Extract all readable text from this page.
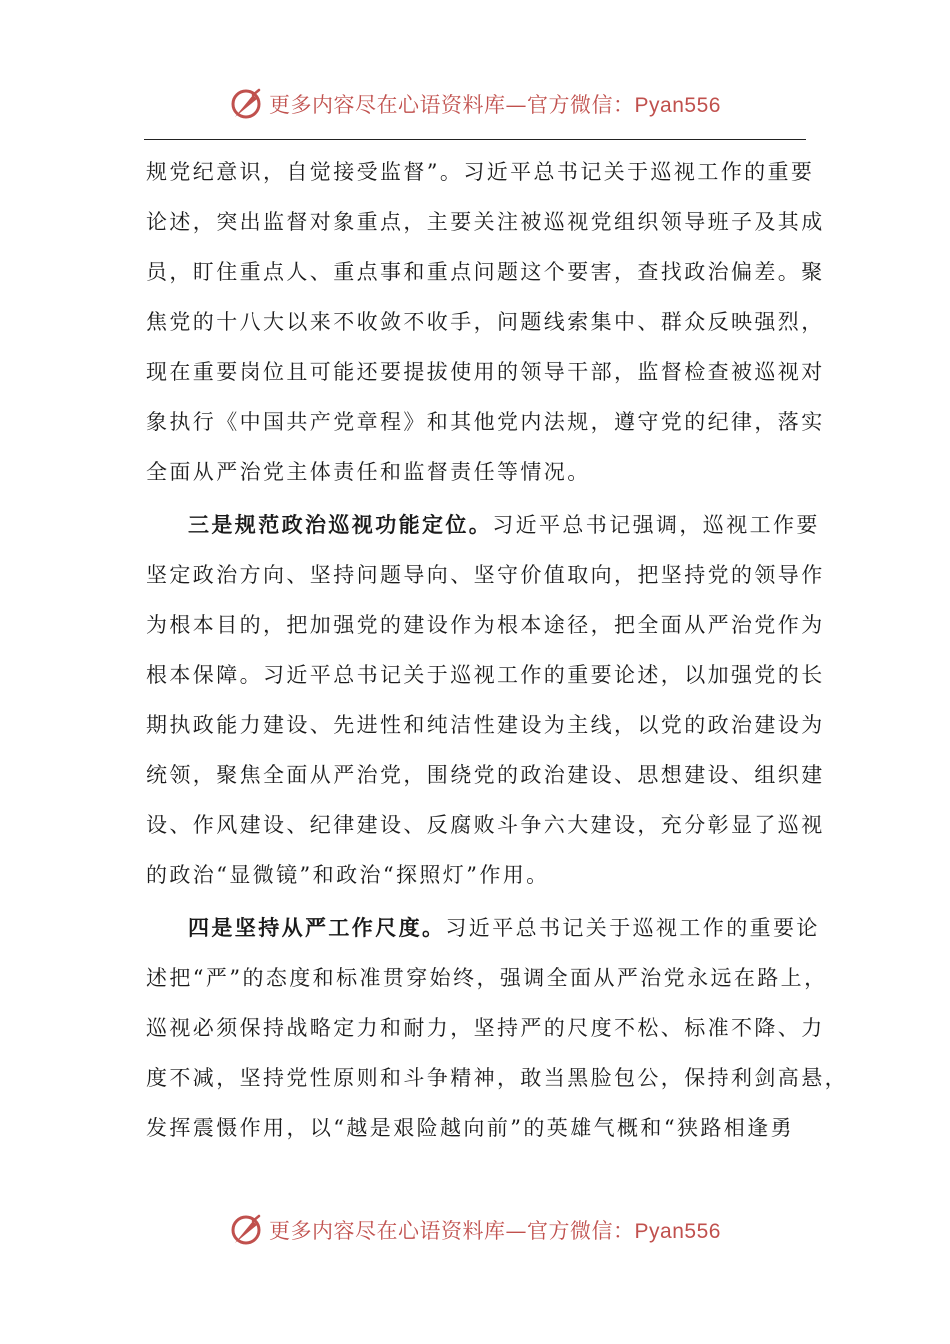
更多内容尽在心语资料库—官方微信：Pyan556

规党纪意识，自觉接受监督”。习近平总书记关于巡视工作的重要

论述，突出监督对象重点，主要关注被巡视党组织领导班子及其成

员，盯住重点人、重点事和重点问题这个要害，查找政治偏差。聚

焦党的十八大以来不收敛不收手，问题线索集中、群众反映强烈，

现在重要岗位且可能还要提拔使用的领导干部，监督检查被巡视对

象执行《中国共产党章程》和其他党内法规，遵守党的纪律，落实

全面从严治党主体责任和监督责任等情况。

三是规范政治巡视功能定位。习近平总书记强调，巡视工作要

坚定政治方向、坚持问题导向、坚守价值取向，把坚持党的领导作

为根本目的，把加强党的建设作为根本途径，把全面从严治党作为

根本保障。习近平总书记关于巡视工作的重要论述，以加强党的长

期执政能力建设、先进性和纯洁性建设为主线，以党的政治建设为

统领，聚焦全面从严治党，围绕党的政治建设、思想建设、组织建

设、作风建设、纪律建设、反腐败斗争六大建设，充分彰显了巡视

的政治“显微镜”和政治“探照灯”作用。

四是坚持从严工作尺度。习近平总书记关于巡视工作的重要论

述把“严”的态度和标准贯穿始终，强调全面从严治党永远在路上，

巡视必须保持战略定力和耐力，坚持严的尺度不松、标准不降、力

度不减，坚持党性原则和斗争精神，敢当黑脸包公，保持利剑高悬，

发挥震慑作用，以“越是艰险越向前”的英雄气概和“狭路相逢勇

更多内容尽在心语资料库—官方微信：Pyan556
